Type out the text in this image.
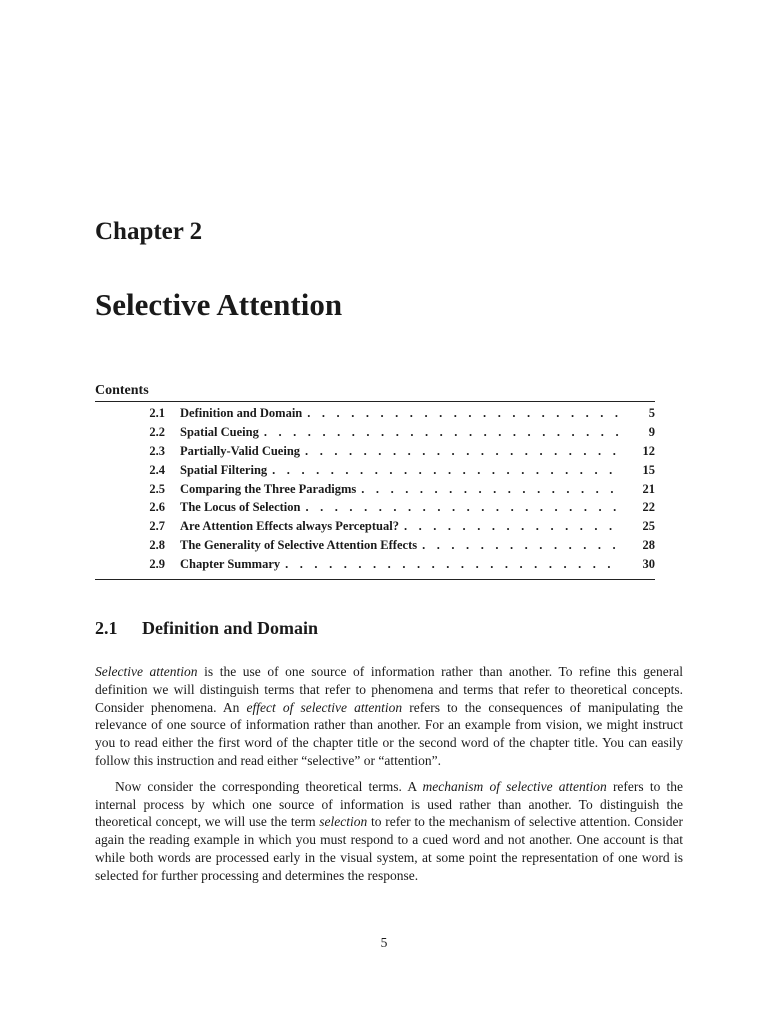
Chapter 2
Selective Attention
Contents
2.1	Definition and Domain . . .	5
2.2	Spatial Cueing . . .	9
2.3	Partially-Valid Cueing . . .	12
2.4	Spatial Filtering . . .	15
2.5	Comparing the Three Paradigms . . .	21
2.6	The Locus of Selection . . .	22
2.7	Are Attention Effects always Perceptual? . . .	25
2.8	The Generality of Selective Attention Effects . . .	28
2.9	Chapter Summary . . .	30
2.1 Definition and Domain

Selective attention is the use of one source of information rather than another. To refine this general definition we will distinguish terms that refer to phenomena and terms that refer to theoretical concepts. Consider phenomena. An effect of selective attention refers to the consequences of manipulating the relevance of one source of information rather than another. For an example from vision, we might instruct you to read either the first word of the chapter title or the second word of the chapter title. You can easily follow this instruction and read either “selective” or “attention”.

Now consider the corresponding theoretical terms. A mechanism of selective attention refers to the internal process by which one source of information is used rather than another. To distinguish the theoretical concept, we will use the term selection to refer to the mechanism of selective attention. Consider again the reading example in which you must respond to a cued word and not another. One account is that while both words are processed early in the visual system, at some point the representation of one word is selected for further processing and determines the response.

5
